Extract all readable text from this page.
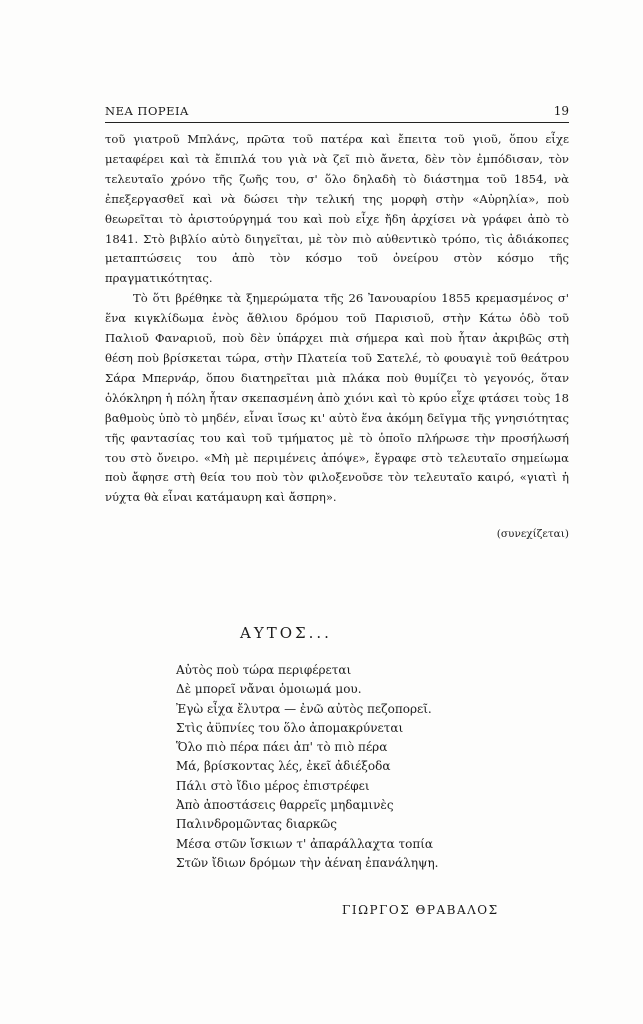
ΝΕΑ ΠΟΡΕΙΑ	19

τοῦ γιατροῦ Μπλάνς, πρῶτα τοῦ πατέρα καὶ ἔπειτα τοῦ γιοῦ, ὅπου εἶχε μεταφέρει καὶ τὰ ἔπιπλά του γιὰ νὰ ζεῖ πιὸ ἄνετα, δὲν τὸν ἐμπόδισαν, τὸν τελευταῖο χρόνο τῆς ζωῆς του, σ' ὅλο δηλαδὴ τὸ διάστημα τοῦ 1854, νὰ ἐπεξεργασθεῖ καὶ νὰ δώσει τὴν τελική της μορφὴ στὴν «Αὐρηλία», ποὺ θεωρεῖται τὸ ἀριστούργημά του καὶ ποὺ εἶχε ἤδη ἀρχίσει νὰ γράφει ἀπὸ τὸ 1841. Στὸ βιβλίο αὐτὸ διηγεῖται, μὲ τὸν πιὸ αὐθεντικὸ τρόπο, τὶς ἀδιάκοπες μεταπτώσεις του ἀπὸ τὸν κόσμο τοῦ ὀνείρου στὸν κόσμο τῆς πραγματικότητας.

Τὸ ὅτι βρέθηκε τὰ ξημερώματα τῆς 26 Ἰανουαρίου 1855 κρεμασμένος σ' ἕνα κιγκλίδωμα ἑνὸς ἄθλιου δρόμου τοῦ Παρισιοῦ, στὴν Κάτω ὁδὸ τοῦ Παλιοῦ Φαναριοῦ, ποὺ δὲν ὑπάρχει πιὰ σήμερα καὶ ποὺ ἦταν ἀκριβῶς στὴ θέση ποὺ βρίσκεται τώρα, στὴν Πλατεία τοῦ Σατελέ, τὸ φουαγιὲ τοῦ θεάτρου Σάρα Μπερνάρ, ὅπου διατηρεῖται μιὰ πλάκα ποὺ θυμίζει τὸ γεγονός, ὅταν ὁλόκληρη ἡ πόλη ἦταν σκεπασμένη ἀπὸ χιόνι καὶ τὸ κρύο εἶχε φτάσει τοὺς 18 βαθμοὺς ὑπὸ τὸ μηδέν, εἶναι ἴσως κι' αὐτὸ ἕνα ἀκόμη δεῖγμα τῆς γνησιότητας τῆς φαντασίας του καὶ τοῦ τμήματος μὲ τὸ ὁποῖο πλήρωσε τὴν προσήλωσή του στὸ ὄνειρο. «Μὴ μὲ περιμένεις ἀπόψε», ἔγραφε στὸ τελευταῖο σημείωμα ποὺ ἄφησε στὴ θεία του ποὺ τὸν φιλοξενοῦσε τὸν τελευταῖο καιρό, «γιατὶ ἡ νύχτα θὰ εἶναι κατάμαυρη καὶ ἄσπρη».

(συνεχίζεται)
ΑΥΤΟΣ...
Αὐτὸς ποὺ τώρα περιφέρεται
Δὲ μπορεῖ νἄναι ὁμοιωμά μου.
Ἐγὼ εἶχα ἔλυτρα — ἐνῶ αὐτὸς πεζοπορεῖ.
Στὶς ἀϋπνίες του ὅλο ἀπομακρύνεται
Ὅλο πιὸ πέρα πάει ἀπ' τὸ πιὸ πέρα
Μά, βρίσκοντας λές, ἐκεῖ ἀδιέξοδα
Πάλι στὸ ἴδιο μέρος ἐπιστρέφει
Ἀπὸ ἀποστάσεις θαρρεῖς μηδαμινὲς
Παλινδρομῶντας διαρκῶς
Μέσα στῶν ἴσκιων τ' ἀπαράλλαχτα τοπία
Στῶν ἴδιων δρόμων τὴν ἀέναη ἐπανάληψη.
ΓΙΩΡΓΟΣ ΘΡΑΒΑΛΟΣ
